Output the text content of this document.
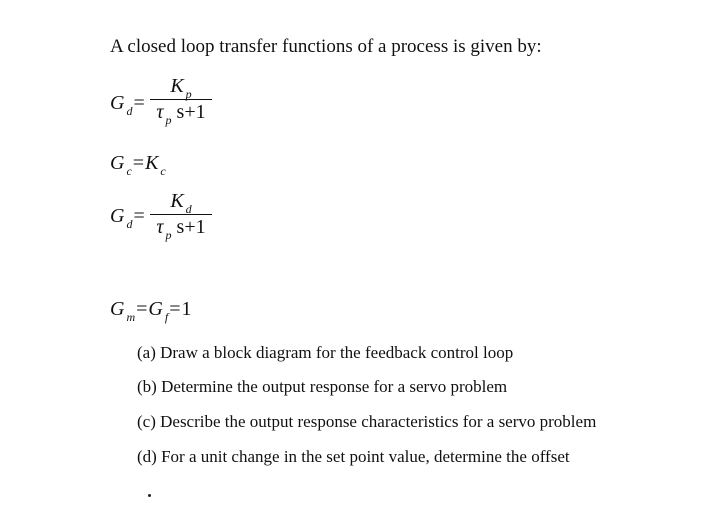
A closed loop transfer functions of a process is given by:
G $_d$=
K $_p$
τ $_p$ s+1
G $_c$=K $_c$
G $_d$=
K $_d$
τ $_p$ s+1
G $_m$=G $_f$=1
(a) Draw a block diagram for the feedback control loop
(b) Determine the output response for a servo problem
(c) Describe the output response characteristics for a servo problem
(d) For a unit change in the set point value, determine the offset
